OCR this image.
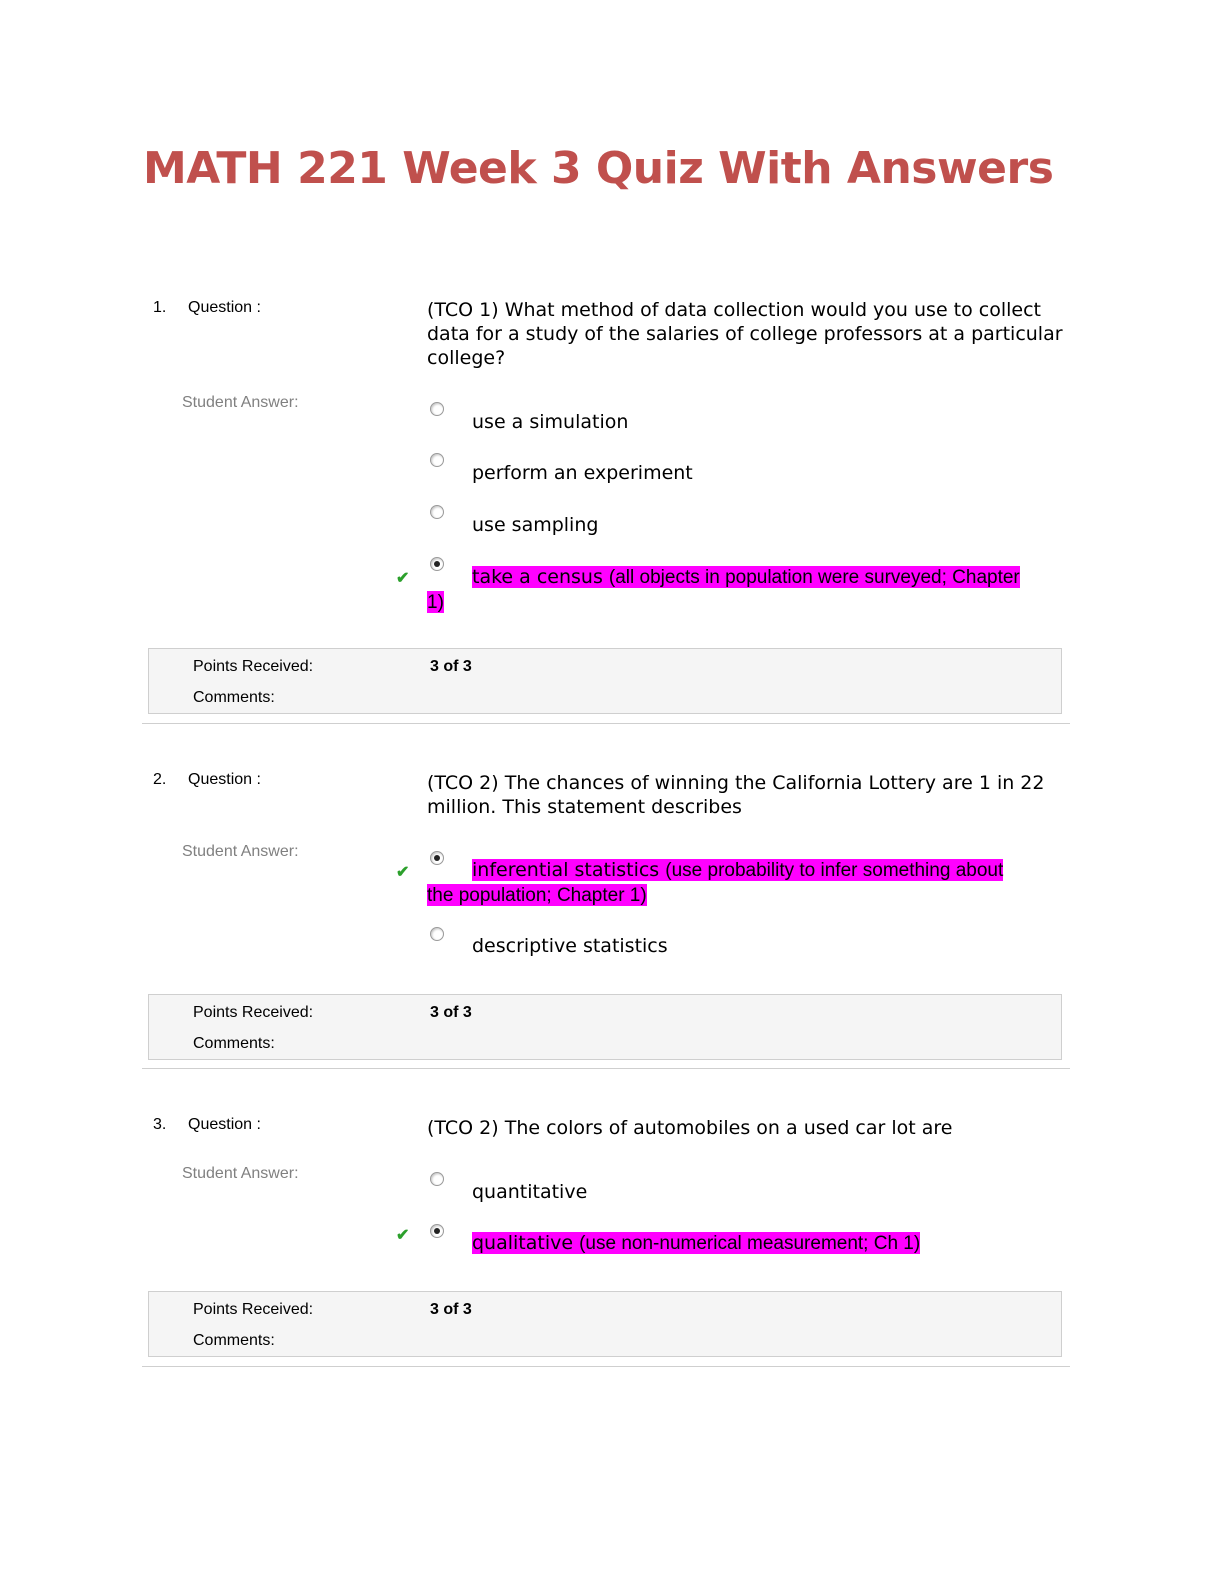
MATH 221 Week 3 Quiz With Answers
1. Question :	(TCO 1) What method of data collection would you use to collect data for a study of the salaries of college professors at a particular college?
Student Answer:
use a simulation
perform an experiment
use sampling
✔	take a census (all objects in population were surveyed; Chapter 1)
Points Received:	3 of 3
Comments:
2. Question :	(TCO 2) The chances of winning the California Lottery are 1 in 22 million. This statement describes
Student Answer:
✔	inferential statistics (use probability to infer something about the population; Chapter 1)
descriptive statistics
Points Received:	3 of 3
Comments:
3. Question :	(TCO 2) The colors of automobiles on a used car lot are
Student Answer:
quantitative
✔	qualitative (use non-numerical measurement; Ch 1)
Points Received:	3 of 3
Comments:
